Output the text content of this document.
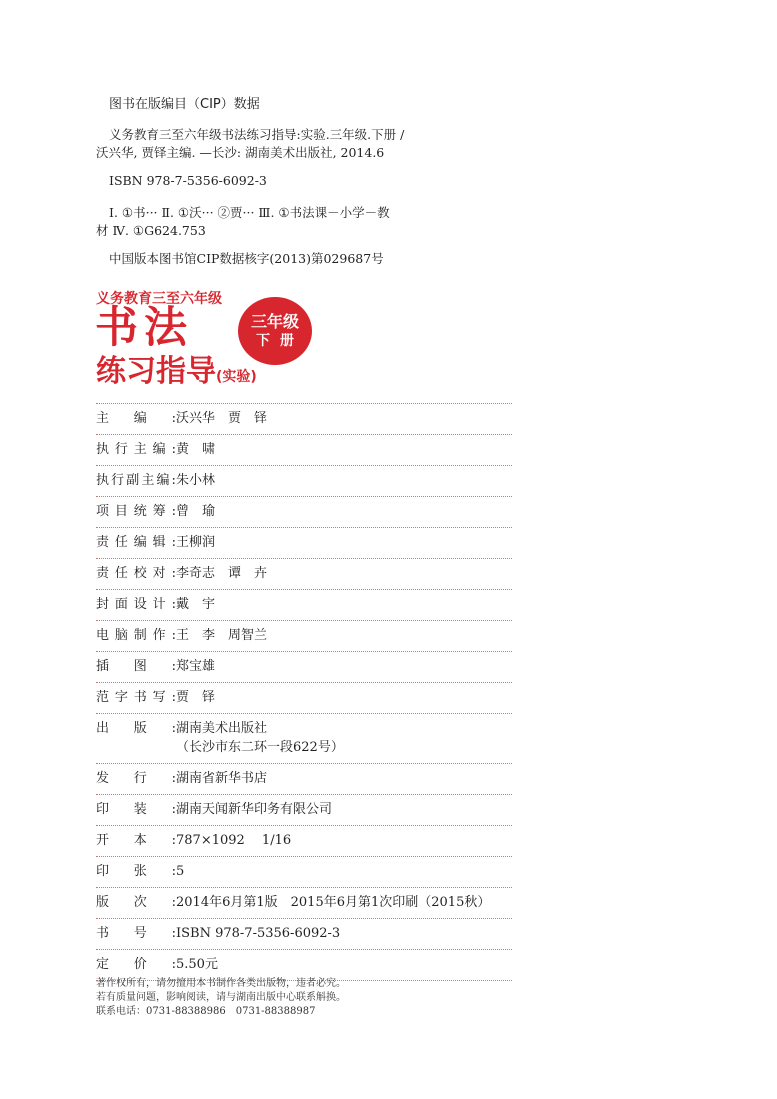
图书在版编目（CIP）数据
义务教育三至六年级书法练习指导:实验.三年级.下册 /
沃兴华, 贾铎主编. —长沙: 湖南美术出版社, 2014.6
ISBN 978-7-5356-6092-3
Ⅰ. ①书··· Ⅱ. ①沃··· ②贾··· Ⅲ. ①书法课－小学－教
材 Ⅳ. ①G624.753
中国版本图书馆CIP数据核字(2013)第029687号
义务教育三至六年级
书法
练习指导(实验)
三年级
下册
主 编 : 沃兴华　贾　铎
执 行 主 编 : 黄　啸
执 行 副 主 编 : 朱小林
项 目 统 筹 : 曾　瑜
责 任 编 辑 : 王柳润
责 任 校 对 : 李奇志　谭　卉
封 面 设 计 : 戴　宇
电 脑 制 作 : 王　李　周智兰
插 图 : 郑宝雄
范 字 书 写 : 贾　铎
出 版 : 湖南美术出版社
（长沙市东二环一段622号）
发 行 : 湖南省新华书店
印 装 : 湖南天闻新华印务有限公司
开 本 : 787×1092　 1/16
印 张 : 5
版 次 : 2014年6月第1版　2015年6月第1次印刷（2015秋）
书 号 : ISBN 978-7-5356-6092-3
定 价 : 5.50元
著作权所有，请勿擅用本书制作各类出版物，违者必究。
若有质量问题，影响阅读，请与湖南出版中心联系斛换。
联系电话：0731-88388986　0731-88388987
